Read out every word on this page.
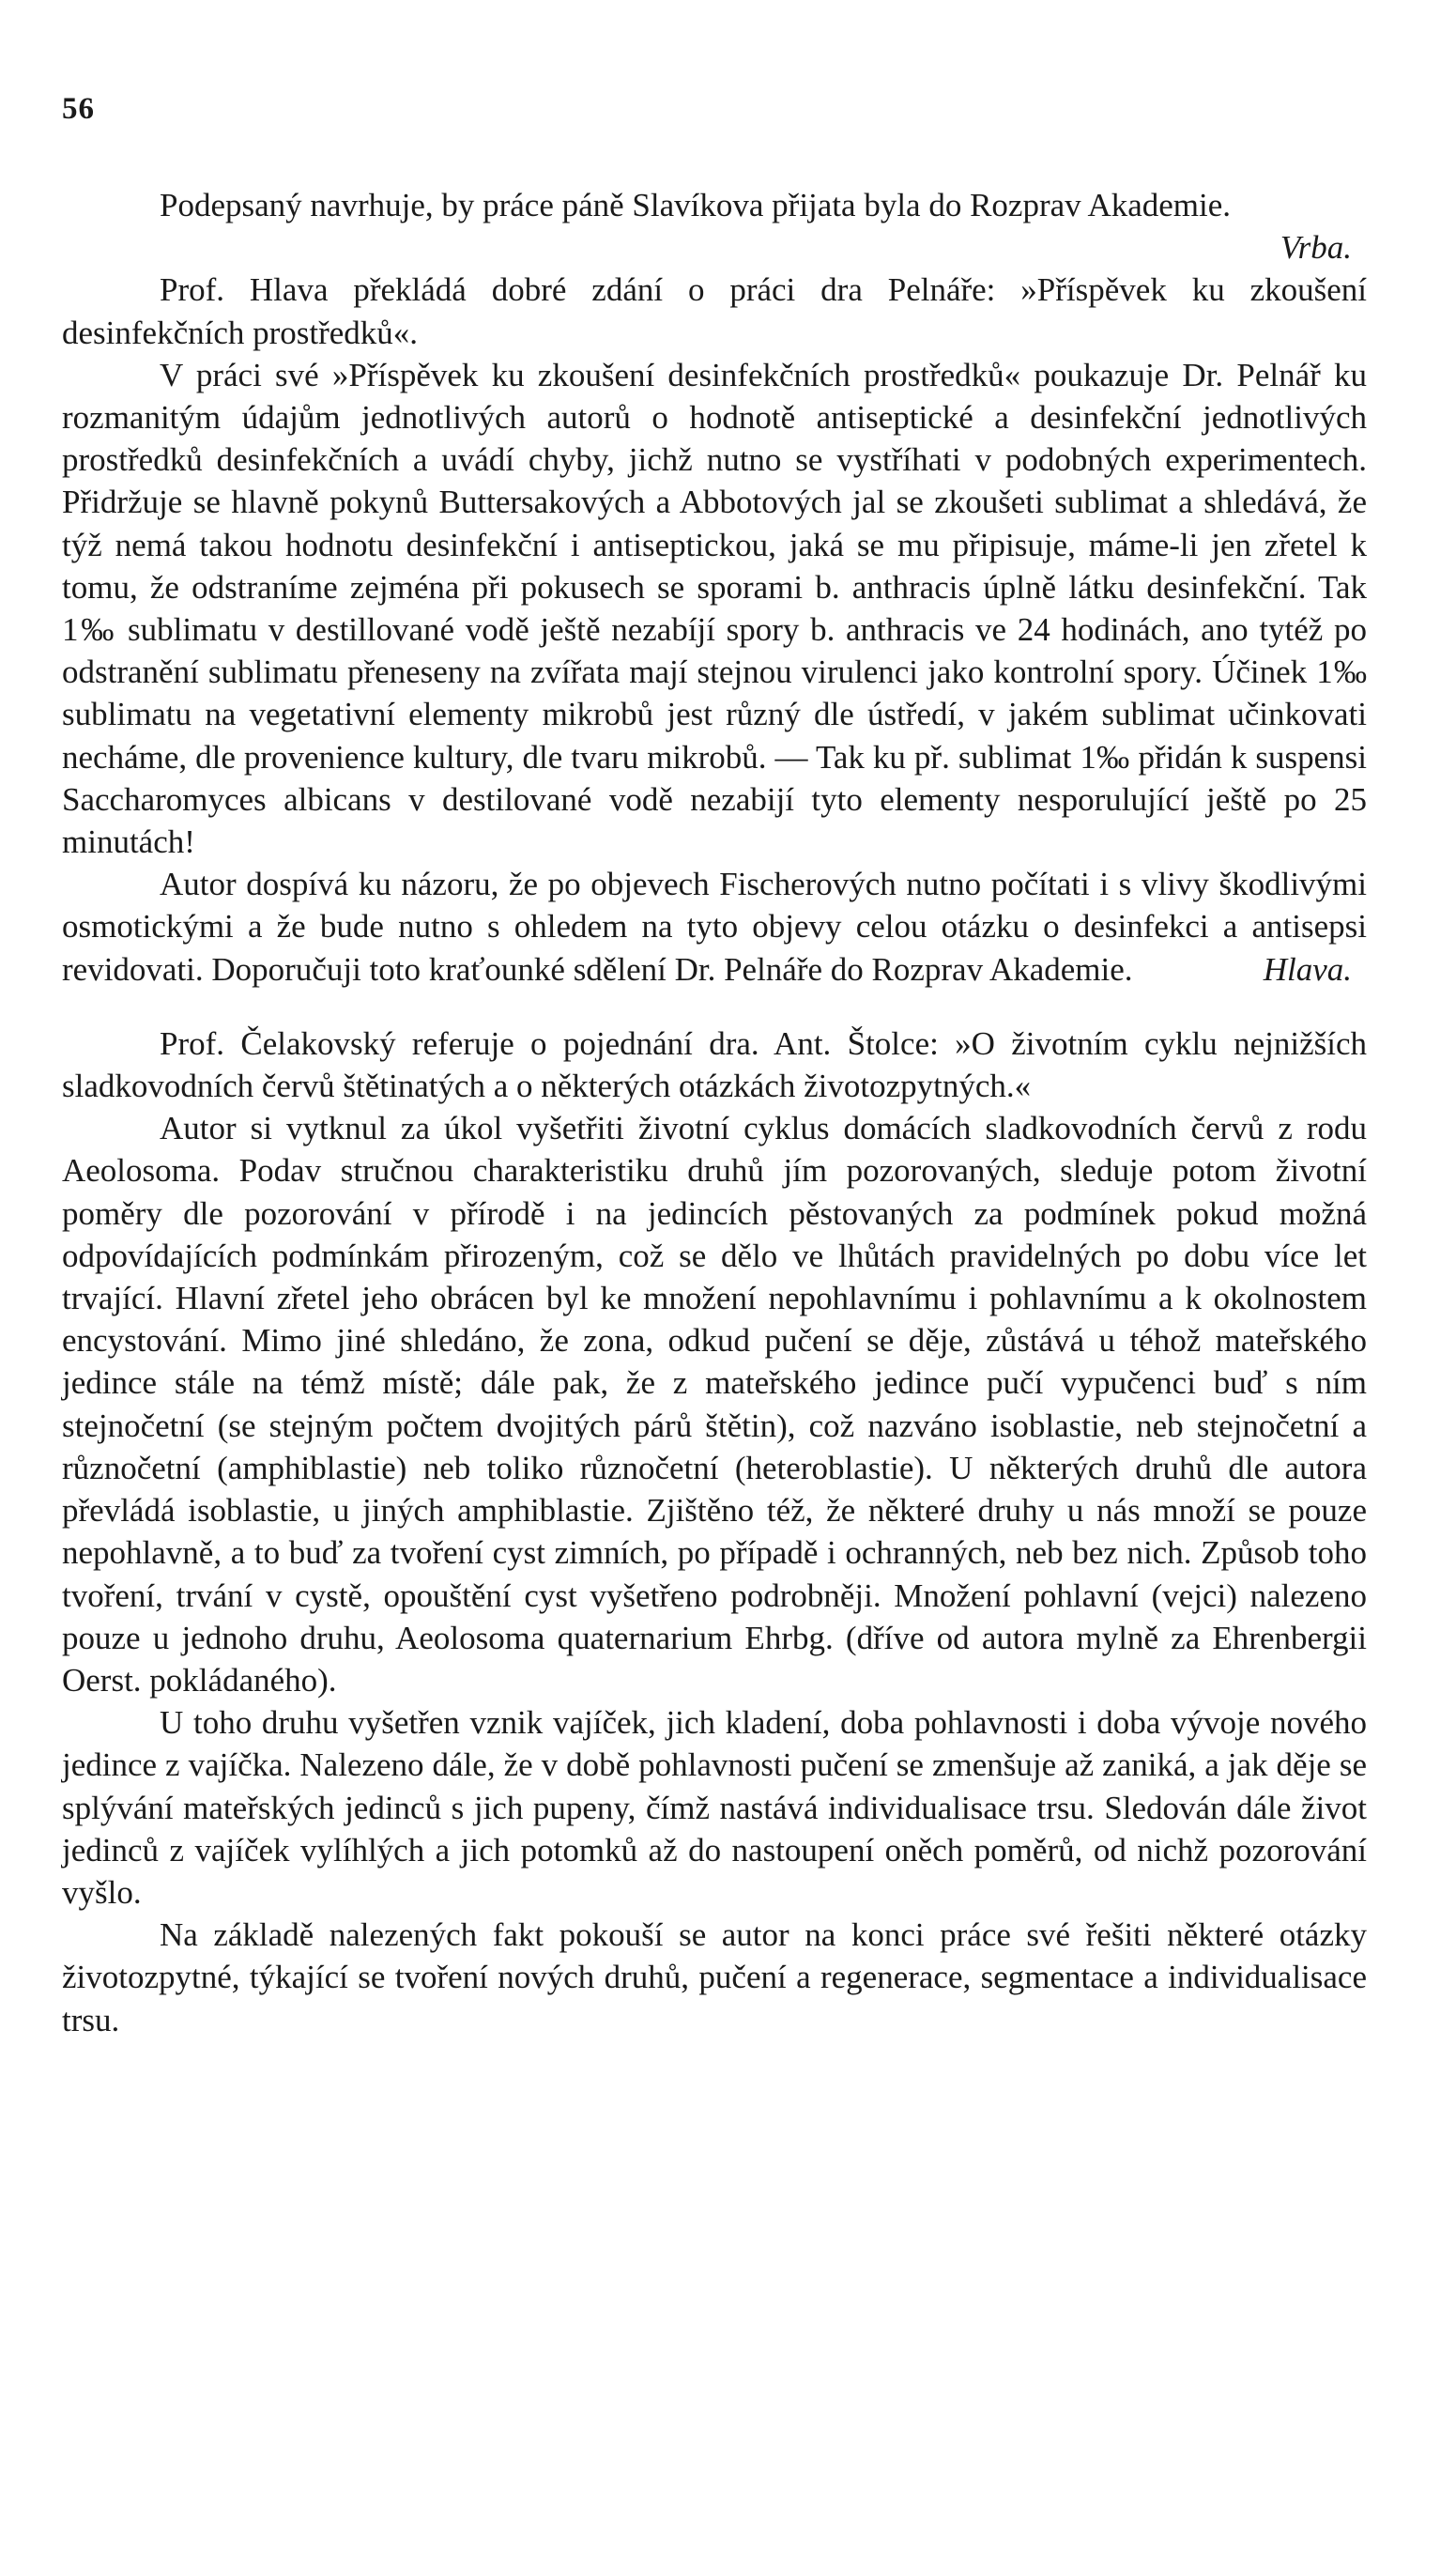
56

Podepsaný navrhuje, by práce páně Slavíkova přijata byla do Rozprav Akademie.
Vrba.

Prof. Hlava překládá dobré zdání o práci dra Pelnáře: »Příspěvek ku zkoušení desinfekčních prostředků«.

V práci své »Příspěvek ku zkoušení desinfekčních prostředků« poukazuje Dr. Pelnář ku rozmanitým údajům jednotlivých autorů o hodnotě antiseptické a desinfekční jednotlivých prostředků desinfekčních a uvádí chyby, jichž nutno se vystříhati v podobných experimentech. Přidržuje se hlavně pokynů Buttersakových a Abbotových jal se zkoušeti sublimat a shledává, že týž nemá takou hodnotu desinfekční i antiseptickou, jaká se mu připisuje, máme-li jen zřetel k tomu, že odstraníme zejména při pokusech se sporami b. anthracis úplně látku desinfekční. Tak 1‰ sublimatu v destillované vodě ještě nezabíjí spory b. anthracis ve 24 hodinách, ano tytéž po odstranění sublimatu přeneseny na zvířata mají stejnou virulenci jako kontrolní spory. Účinek 1‰ sublimatu na vegetativní elementy mikrobů jest různý dle ústředí, v jakém sublimat učinkovati necháme, dle provenience kultury, dle tvaru mikrobů. — Tak ku př. sublimat 1‰ přidán k suspensi Saccharomyces albicans v destilované vodě nezabijí tyto elementy nesporulující ještě po 25 minutách!

Autor dospívá ku názoru, že po objevech Fischerových nutno počítati i s vlivy škodlivými osmotickými a že bude nutno s ohledem na tyto objevy celou otázku o desinfekci a antisepsi revidovati. Doporučuji toto kraťounké sdělení Dr. Pelnáře do Rozprav Akademie.	Hlava.

Prof. Čelakovský referuje o pojednání dra. Ant. Štolce: »O životním cyklu nejnižších sladkovodních červů štětinatých a o některých otázkách životozpytných.«

Autor si vytknul za úkol vyšetřiti životní cyklus domácích sladkovodních červů z rodu Aeolosoma. Podav stručnou charakteristiku druhů jím pozorovaných, sleduje potom životní poměry dle pozorování v přírodě i na jedincích pěstovaných za podmínek pokud možná odpovídajících podmínkám přirozeným, což se dělo ve lhůtách pravidelných po dobu více let trvající. Hlavní zřetel jeho obrácen byl ke množení nepohlavnímu i pohlavnímu a k okolnostem encystování. Mimo jiné shledáno, že zona, odkud pučení se děje, zůstává u téhož mateřského jedince stále na témž místě; dále pak, že z mateřského jedince pučí vypučenci buď s ním stejnočetní (se stejným počtem dvojitých párů štětin), což nazváno isoblastie, neb stejnočetní a různočetní (amphiblastie) neb toliko různočetní (heteroblastie). U některých druhů dle autora převládá isoblastie, u jiných amphiblastie. Zjištěno též, že některé druhy u nás množí se pouze nepohlavně, a to buď za tvoření cyst zimních, po případě i ochranných, neb bez nich. Způsob toho tvoření, trvání v cystě, opouštění cyst vyšetřeno podrobněji. Množení pohlavní (vejci) nalezeno pouze u jednoho druhu, Aeolosoma quaternarium Ehrbg. (dříve od autora mylně za Ehrenbergii Oerst. pokládaného).

U toho druhu vyšetřen vznik vajíček, jich kladení, doba pohlavnosti i doba vývoje nového jedince z vajíčka. Nalezeno dále, že v době pohlavnosti pučení se zmenšuje až zaniká, a jak děje se splývání mateřských jedinců s jich pupeny, čímž nastává individualisace trsu. Sledován dále život jedinců z vajíček vylíhlých a jich potomků až do nastoupení oněch poměrů, od nichž pozorování vyšlo.

Na základě nalezených fakt pokouší se autor na konci práce své řešiti některé otázky životozpytné, týkající se tvoření nových druhů, pučení a regenerace, segmentace a individualisace trsu.
